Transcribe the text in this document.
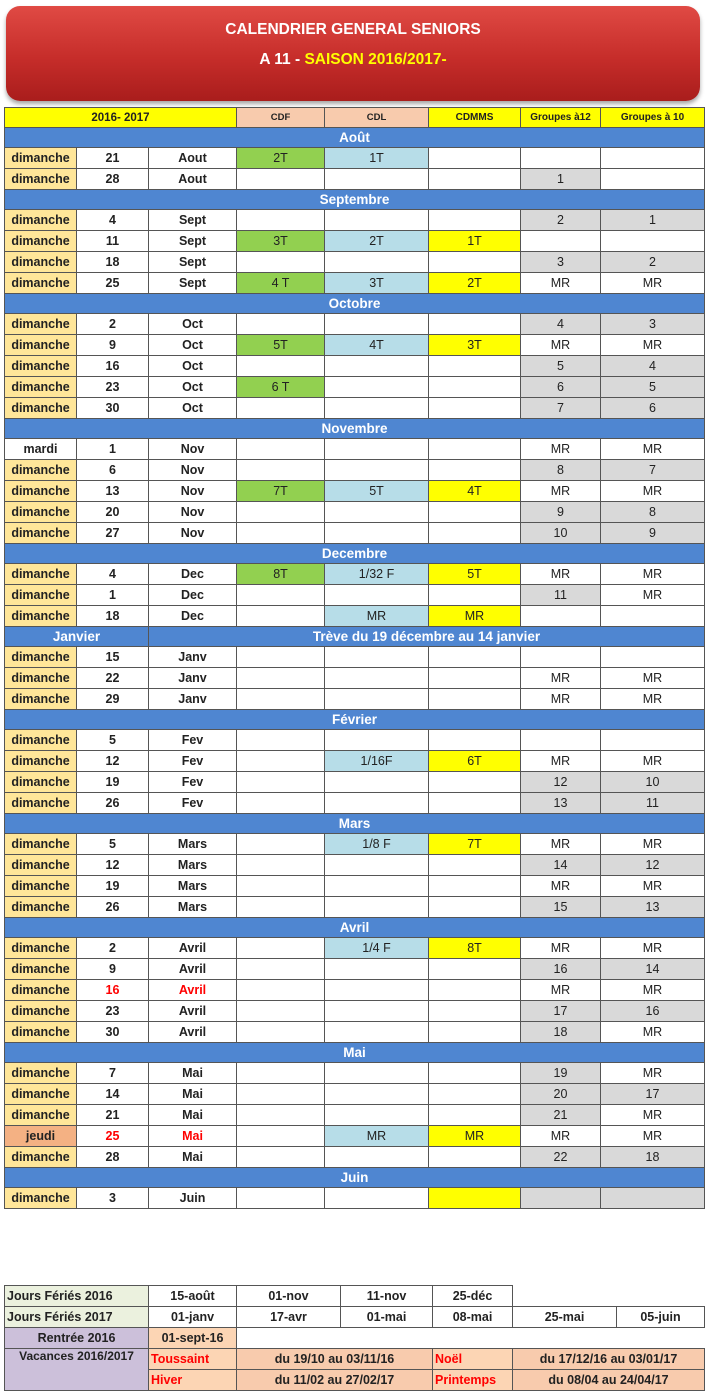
CALENDRIER GENERAL SENIORS
A 11 - SAISON 2016/2017-
2016- 2017			CDF	CDL	CDMMS	Groupes à12	Groupes à 10
Août							
dimanche	21	Aout	2T	1T			
dimanche	28	Aout				1	
Septembre							
dimanche	4	Sept				2	1
dimanche	11	Sept	3T	2T	1T		
dimanche	18	Sept				3	2
dimanche	25	Sept	4 T	3T	2T	MR	MR
Octobre							
dimanche	2	Oct				4	3
dimanche	9	Oct	5T	4T	3T	MR	MR
dimanche	16	Oct				5	4
dimanche	23	Oct	6 T			6	5
dimanche	30	Oct				7	6
Novembre							
mardi	1	Nov				MR	MR
dimanche	6	Nov				8	7
dimanche	13	Nov	7T	5T	4T	MR	MR
dimanche	20	Nov				9	8
dimanche	27	Nov				10	9
Decembre							
dimanche	4	Dec	8T	1/32 F	5T	MR	MR
dimanche	1	Dec				11	MR
dimanche	18	Dec		MR	MR		
Janvier		Trève du 19 décembre au 14 janvier					
dimanche	15	Janv					
dimanche	22	Janv				MR	MR
dimanche	29	Janv				MR	MR
Février							
dimanche	5	Fev					
dimanche	12	Fev		1/16F	6T	MR	MR
dimanche	19	Fev				12	10
dimanche	26	Fev				13	11
Mars							
dimanche	5	Mars		1/8 F	7T	MR	MR
dimanche	12	Mars				14	12
dimanche	19	Mars				MR	MR
dimanche	26	Mars				15	13
Avril							
dimanche	2	Avril		1/4 F	8T	MR	MR
dimanche	9	Avril				16	14
dimanche	16	Avril				MR	MR
dimanche	23	Avril				17	16
dimanche	30	Avril				18	MR
Mai							
dimanche	7	Mai				19	MR
dimanche	14	Mai				20	17
dimanche	21	Mai				21	MR
jeudi	25	Mai		MR	MR	MR	MR
dimanche	28	Mai				22	18
Juin							
dimanche	3	Juin					
Jours Fériés 2016	15-août	01-nov	11-nov	25-déc		
Jours Fériés 2017	01-janv	17-avr	01-mai	08-mai	25-mai	05-juin
Rentrée 2016	01-sept-16					
Vacances 2016/2017	Toussaint	du 19/10 au 03/11/16		Noël	du 17/12/16 au 03/01/17	
	Hiver	du 11/02 au 27/02/17		Printemps	du 08/04 au 24/04/17	
